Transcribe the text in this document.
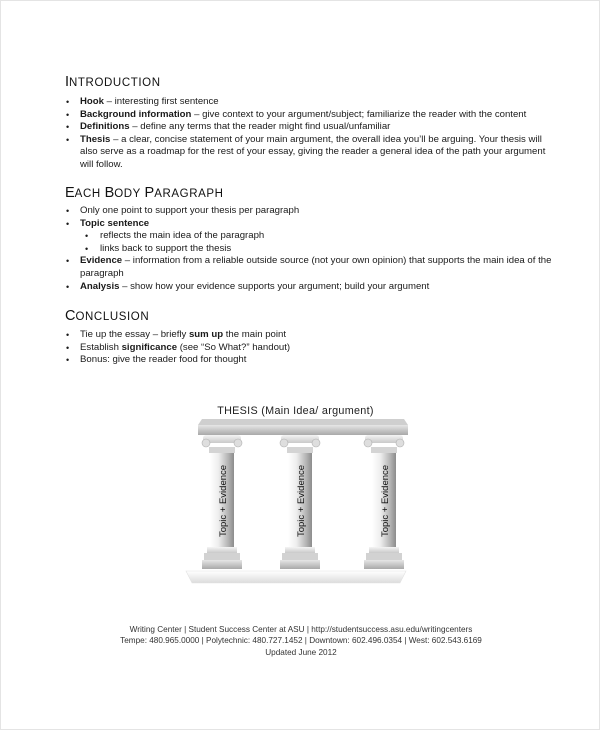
INTRODUCTION
• Hook – interesting first sentence
• Background information – give context to your argument/subject; familiarize the reader with the content
• Definitions – define any terms that the reader might find usual/unfamiliar
• Thesis – a clear, concise statement of your main argument, the overall idea you’ll be arguing. Your thesis will also serve as a roadmap for the rest of your essay, giving the reader a general idea of the path your argument will follow.
EACH BODY PARAGRAPH
• Only one point to support your thesis per paragraph
• Topic sentence
• reflects the main idea of the paragraph
• links back to support the thesis
• Evidence – information from a reliable outside source (not your own opinion) that supports the main idea of the paragraph
• Analysis – show how your evidence supports your argument; build your argument
CONCLUSION
• Tie up the essay – briefly sum up the main point
• Establish significance (see “So What?” handout)
• Bonus: give the reader food for thought
THESIS (Main Idea/ argument)
Topic + Evidence	Topic + Evidence	Topic + Evidence
Writing Center | Student Success Center at ASU | http://studentsuccess.asu.edu/writingcenters
Tempe: 480.965.0000 | Polytechnic: 480.727.1452 | Downtown: 602.496.0354 | West: 602.543.6169
Updated June 2012
